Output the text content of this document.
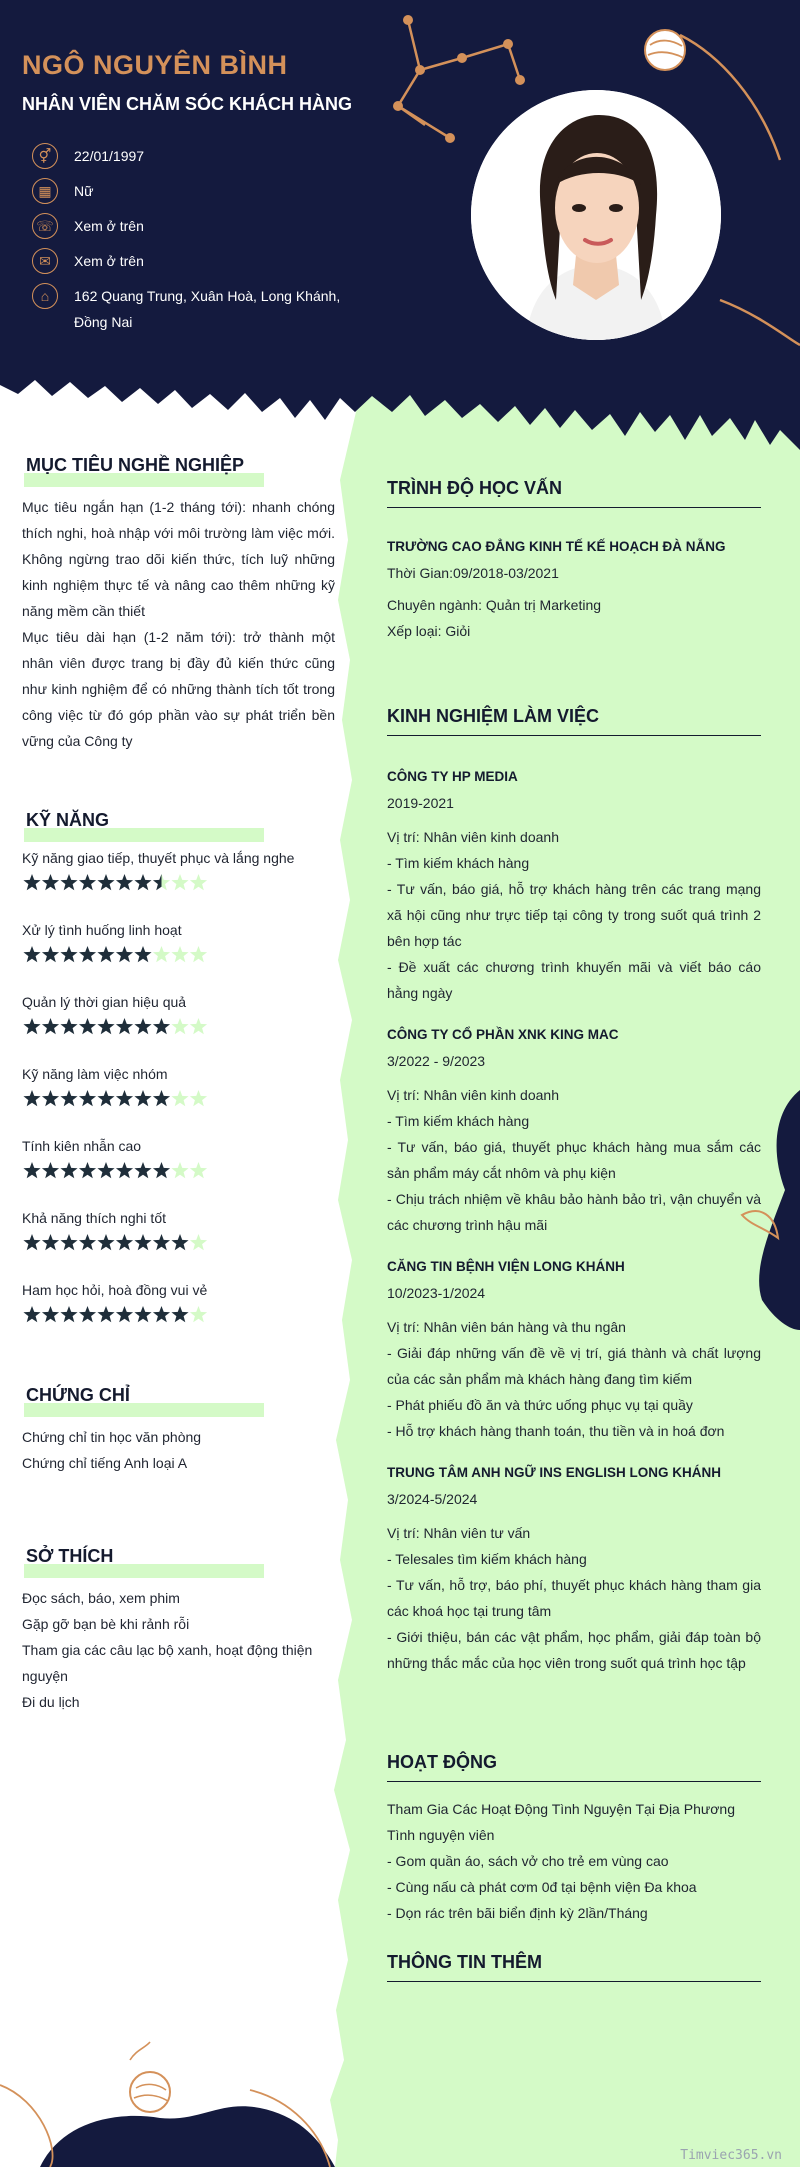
NGÔ NGUYÊN BÌNH
NHÂN VIÊN CHĂM SÓC KHÁCH HÀNG
⚥	22/01/1997
▦	Nữ
☏	Xem ở trên
✉	Xem ở trên
⌂	162 Quang Trung, Xuân Hoà, Long Khánh, Đồng Nai
MỤC TIÊU NGHỀ NGHIỆP

Mục tiêu ngắn hạn (1-2 tháng tới): nhanh chóng thích nghi, hoà nhập với môi trường làm việc mới. Không ngừng trao dõi kiến thức, tích luỹ những kinh nghiệm thực tế và nâng cao thêm những kỹ năng mềm cần thiết

Mục tiêu dài hạn (1-2 năm tới): trở thành một nhân viên được trang bị đầy đủ kiến thức cũng như kinh nghiệm để có những thành tích tốt trong công việc từ đó góp phần vào sự phát triển bền vững của Công ty

KỸ NĂNG
Kỹ năng giao tiếp, thuyết phục và lắng nghe
Xử lý tình huống linh hoạt
Quản lý thời gian hiệu quả
Kỹ năng làm việc nhóm
Tính kiên nhẫn cao
Khả năng thích nghi tốt
Ham học hỏi, hoà đồng vui vẻ
CHỨNG CHỈ

Chứng chỉ tin học văn phòng

Chứng chỉ tiếng Anh loại A

SỞ THÍCH

Đọc sách, báo, xem phim

Gặp gỡ bạn bè khi rảnh rỗi

Tham gia các câu lạc bộ xanh, hoạt động thiện nguyện

Đi du lịch

TRÌNH ĐỘ HỌC VẤN

TRƯỜNG CAO ĐẲNG KINH TẾ KẾ HOẠCH ĐÀ NẴNG

Thời Gian:09/2018-03/2021

Chuyên ngành: Quản trị Marketing

Xếp loại: Giỏi

KINH NGHIỆM LÀM VIỆC

CÔNG TY HP MEDIA

2019-2021

Vị trí: Nhân viên kinh doanh

- Tìm kiếm khách hàng

- Tư vấn, báo giá, hỗ trợ khách hàng trên các trang mạng xã hội cũng như trực tiếp tại công ty trong suốt quá trình 2 bên hợp tác

- Đề xuất các chương trình khuyến mãi và viết báo cáo hằng ngày

CÔNG TY CỔ PHẦN XNK KING MAC

3/2022 - 9/2023

Vị trí: Nhân viên kinh doanh

- Tìm kiếm khách hàng

- Tư vấn, báo giá, thuyết phục khách hàng mua sắm các sản phẩm máy cắt nhôm và phụ kiện

- Chịu trách nhiệm về khâu bảo hành bảo trì, vận chuyển và các chương trình hậu mãi

CĂNG TIN BỆNH VIỆN LONG KHÁNH

10/2023-1/2024

Vị trí: Nhân viên bán hàng và thu ngân

- Giải đáp những vấn đề về vị trí, giá thành và chất lượng của các sản phẩm mà khách hàng đang tìm kiếm

- Phát phiếu đồ ăn và thức uống phục vụ tại quầy

- Hỗ trợ khách hàng thanh toán, thu tiền và in hoá đơn

TRUNG TÂM ANH NGỮ INS ENGLISH LONG KHÁNH

3/2024-5/2024

Vị trí: Nhân viên tư vấn

- Telesales tìm kiếm khách hàng

- Tư vấn, hỗ trợ, báo phí, thuyết phục khách hàng tham gia các khoá học tại trung tâm

- Giới thiệu, bán các vật phẩm, học phẩm, giải đáp toàn bộ những thắc mắc của học viên trong suốt quá trình học tập

HOẠT ĐỘNG

Tham Gia Các Hoạt Động Tình Nguyện Tại Địa Phương

Tình nguyện viên

- Gom quần áo, sách vở cho trẻ em vùng cao

- Cùng nấu cà phát cơm 0đ tại bệnh viện Đa khoa

- Dọn rác trên bãi biển định kỳ 2lần/Tháng

THÔNG TIN THÊM
Timviec365.vn
